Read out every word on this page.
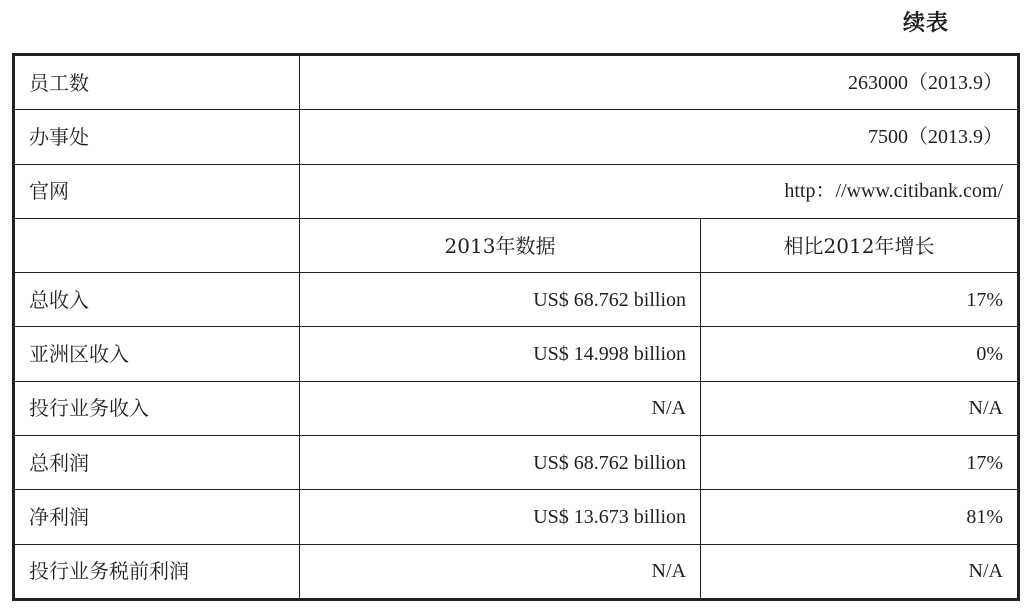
续表
员工数	263000（2013.9）	
办事处	7500（2013.9）	
官网	http：//www.citibank.com/	
	2013年数据	相比2012年增长
总收入	US$ 68.762 billion	17%
亚洲区收入	US$ 14.998 billion	0%
投行业务收入	N/A	N/A
总利润	US$ 68.762 billion	17%
净利润	US$ 13.673 billion	81%
投行业务税前利润	N/A	N/A
